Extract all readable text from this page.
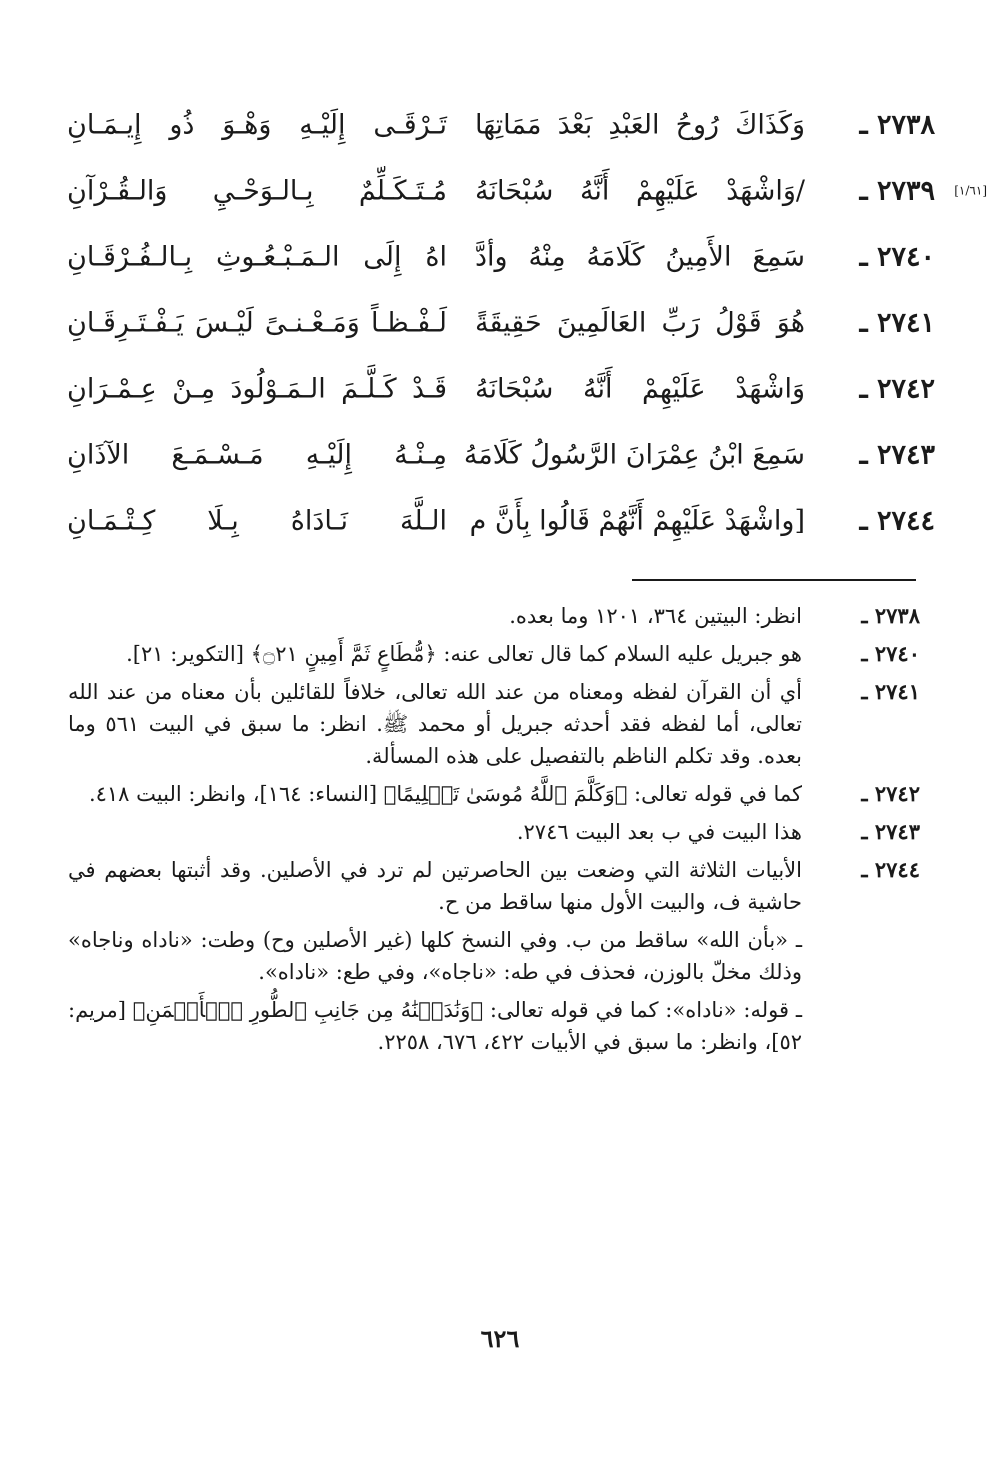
٢٧٣٨ ـ
وَكَذَاكَ رُوحُ العَبْدِ بَعْدَ مَمَاتِهَا
تَـرْقَـى إِلَيْـهِ وَهْـوَ ذُو إِيـمَـانِ
[١/٦١]
٢٧٣٩ ـ
/وَاشْهَدْ عَلَيْهِمْ أَنَّهُ سُبْحَانَهُ
مُـتَـكَـلِّمٌ بِـالـوَحْـيِ وَالـقُـرْآنِ
٢٧٤٠ ـ
سَمِعَ الأَمِينُ كَلَامَهُ مِنْهُ وأدَّ
اهُ إِلَى الـمَـبْـعُـوثِ بِـالـفُـرْقَـانِ
٢٧٤١ ـ
هُوَ قَوْلُ رَبِّ العَالَمِينَ حَقِيقَةً
لَـفْـظـاً وَمَـعْـنـىً لَيْـسَ يَـفْـتَـرِقَـانِ
٢٧٤٢ ـ
وَاشْهَدْ عَلَيْهِمْ أَنَّهُ سُبْحَانَهُ
قَـدْ كَـلَّـمَ الـمَـوْلُودَ مِـنْ عِـمْـرَانِ
٢٧٤٣ ـ
سَمِعَ ابْنُ عِمْرَانَ الرَّسُولُ كَلَامَهُ
مِـنْـهُ إِلَيْـهِ مَـسْـمَـعَ الآذَانِ
٢٧٤٤ ـ
[واشْهَدْ عَلَيْهِمْ أَنَّهُمْ قَالُوا بِأَنَّ م
الـلَّهَ نَـادَاهُ بِـلَا كِـتْـمَـانِ
٢٧٣٨ ـ
انظر: البيتين ٣٦٤، ١٢٠١ وما بعده.
٢٧٤٠ ـ
هو جبريل عليه السلام كما قال تعالى عنه: ﴿مُّطَاعٍ ثَمَّ أَمِينٍ ۝٢١﴾ [التكوير: ٢١].
٢٧٤١ ـ
أي أن القرآن لفظه ومعناه من عند الله تعالى، خلافاً للقائلين بأن معناه من عند الله تعالى، أما لفظه فقد أحدثه جبريل أو محمد ﷺ. انظر: ما سبق في البيت ٥٦١ وما بعده. وقد تكلم الناظم بالتفصيل على هذه المسألة.
٢٧٤٢ ـ
كما في قوله تعالى: ﴿وَكَلَّمَ ٱللَّهُ مُوسَىٰ تَكۡلِيمًا﴾ [النساء: ١٦٤]، وانظر: البيت ٤١٨.
٢٧٤٣ ـ
هذا البيت في ب بعد البيت ٢٧٤٦.
٢٧٤٤ ـ
الأبيات الثلاثة التي وضعت بين الحاصرتين لم ترد في الأصلين. وقد أثبتها بعضهم في حاشية ف، والبيت الأول منها ساقط من ح.
ـ «بأن الله» ساقط من ب. وفي النسخ كلها (غير الأصلين وح) وطت: «ناداه وناجاه» وذلك مخلّ بالوزن، فحذف في طه: «ناجاه»، وفي طع: «ناداه».
ـ قوله: «ناداه»: كما في قوله تعالى: ﴿وَنَٰدَيۡنَٰهُ مِن جَانِبِ ٱلطُّورِ ٱلۡأَيۡمَنِ﴾ [مريم: ٥٢]، وانظر: ما سبق في الأبيات ٤٢٢، ٦٧٦، ٢٢٥٨.
٦٢٦
